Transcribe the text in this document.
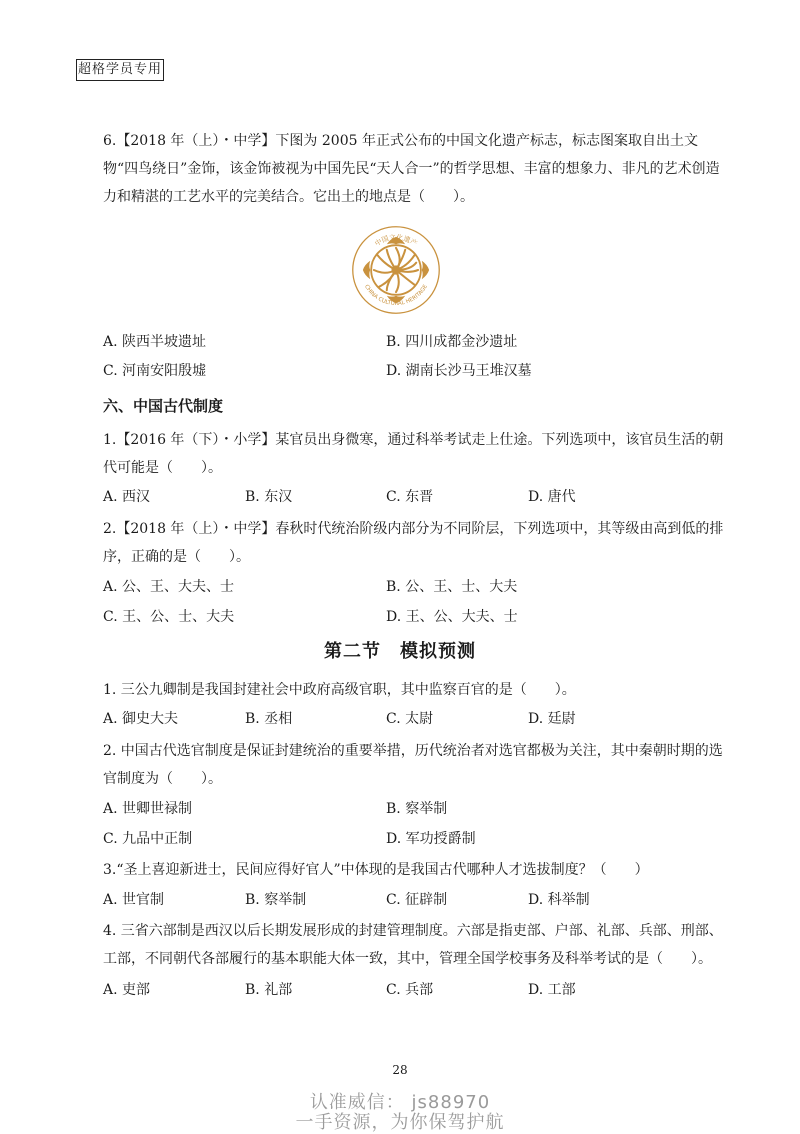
超格学员专用
6.【2018 年（上）・中学】下图为 2005 年正式公布的中国文化遗产标志，标志图案取自出土文物“四鸟绕日”金饰，该金饰被视为中国先民“天人合一”的哲学思想、丰富的想象力、非凡的艺术创造力和精湛的工艺水平的完美结合。它出土的地点是（　　）。
中国文化遗产
CHINA CULTURAL HERITAGE
A. 陕西半坡遗址	B. 四川成都金沙遗址
C. 河南安阳殷墟	D. 湖南长沙马王堆汉墓
六、中国古代制度
1.【2016 年（下）・小学】某官员出身微寒，通过科举考试走上仕途。下列选项中，该官员生活的朝代可能是（　　）。
A. 西汉	B. 东汉	C. 东晋	D. 唐代
2.【2018 年（上）・中学】春秋时代统治阶级内部分为不同阶层，下列选项中，其等级由高到低的排序，正确的是（　　）。
A. 公、王、大夫、士	B. 公、王、士、大夫
C. 王、公、士、大夫	D. 王、公、大夫、士
第二节　模拟预测
1. 三公九卿制是我国封建社会中政府高级官职，其中监察百官的是（　　）。
A. 御史大夫	B. 丞相	C. 太尉	D. 廷尉
2. 中国古代选官制度是保证封建统治的重要举措，历代统治者对选官都极为关注，其中秦朝时期的选官制度为（　　）。
A. 世卿世禄制	B. 察举制
C. 九品中正制	D. 军功授爵制
3.“圣上喜迎新进士，民间应得好官人”中体现的是我国古代哪种人才选拔制度？（　　）
A. 世官制	B. 察举制	C. 征辟制	D. 科举制
4. 三省六部制是西汉以后长期发展形成的封建管理制度。六部是指吏部、户部、礼部、兵部、刑部、工部，不同朝代各部履行的基本职能大体一致，其中，管理全国学校事务及科举考试的是（　　）。
A. 吏部	B. 礼部	C. 兵部	D. 工部
28
认准威信： js88970
一手资源，为你保驾护航
